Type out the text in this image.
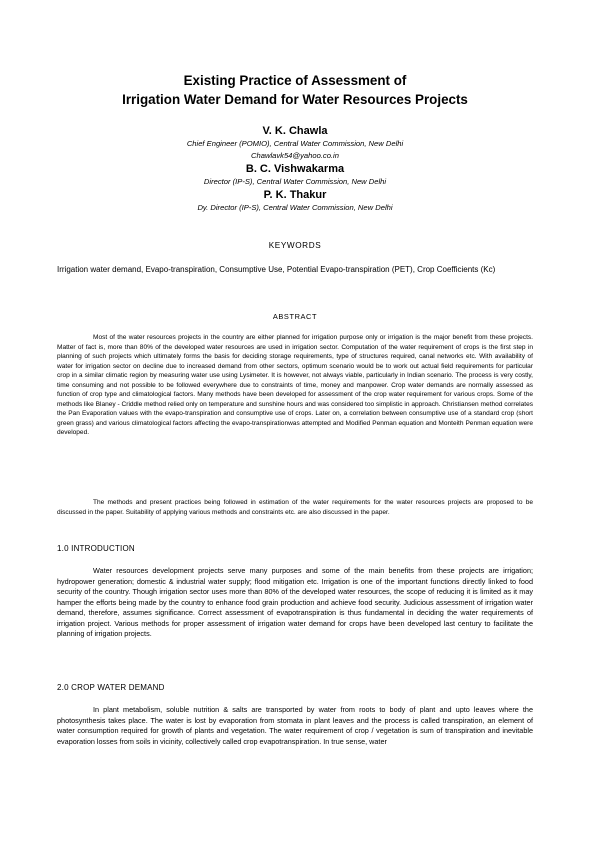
Existing Practice of Assessment of
Irrigation Water Demand for Water Resources Projects
V. K. Chawla
Chief Engineer (POMIO), Central Water Commission, New Delhi
Chawlavk54@yahoo.co.in
B. C. Vishwakarma
Director (IP-S), Central Water Commission, New Delhi
P. K. Thakur
Dy. Director (IP-S), Central Water Commission, New Delhi
KEYWORDS
Irrigation water demand, Evapo-transpiration, Consumptive Use, Potential Evapo-transpiration (PET), Crop Coefficients (Kc)
ABSTRACT
Most of the water resources projects in the country are either planned for irrigation purpose only or irrigation is the major benefit from these projects. Matter of fact is, more than 80% of the developed water resources are used in irrigation sector. Computation of the water requirement of crops is the first step in planning of such projects which ultimately forms the basis for deciding storage requirements, type of structures required, canal networks etc. With availability of water for irrigation sector on decline due to increased demand from other sectors, optimum scenario would be to work out actual field requirements for particular crop in a similar climatic region by measuring water use using Lysimeter. It is however, not always viable, particularly in Indian scenario. The process is very costly, time consuming and not possible to be followed everywhere due to constraints of time, money and manpower. Crop water demands are normally assessed as function of crop type and climatological factors. Many methods have been developed for assessment of the crop water requirement for various crops. Some of the methods like Blaney - Criddle method relied only on temperature and sunshine hours and was considered too simplistic in approach. Christiansen method correlates the Pan Evaporation values with the evapo-transpiration and consumptive use of crops. Later on, a correlation between consumptive use of a standard crop (short green grass) and various climatological factors affecting the evapo-transpirationwas attempted and Modified Penman equation and Monteith Penman equation were developed.
The methods and present practices being followed in estimation of the water requirements for the water resources projects are proposed to be discussed in the paper. Suitability of applying various methods and constraints etc. are also discussed in the paper.
1.0 INTRODUCTION
Water resources development projects serve many purposes and some of the main benefits from these projects are irrigation; hydropower generation; domestic & industrial water supply; flood mitigation etc. Irrigation is one of the important functions directly linked to food security of the country. Though irrigation sector uses more than 80% of the developed water resources, the scope of reducing it is limited as it may hamper the efforts being made by the country to enhance food grain production and achieve food security. Judicious assessment of irrigation water demand, therefore, assumes significance. Correct assessment of evapotranspiration is thus fundamental in deciding the water requirements of irrigation project. Various methods for proper assessment of irrigation water demand for crops have been developed last century to facilitate the planning of irrigation projects.
2.0 CROP WATER DEMAND
In plant metabolism, soluble nutrition & salts are transported by water from roots to body of plant and upto leaves where the photosynthesis takes place. The water is lost by evaporation from stomata in plant leaves and the process is called transpiration, an element of water consumption required for growth of plants and vegetation. The water requirement of crop / vegetation is sum of transpiration and inevitable evaporation losses from soils in vicinity, collectively called crop evapotranspiration. In true sense, water
